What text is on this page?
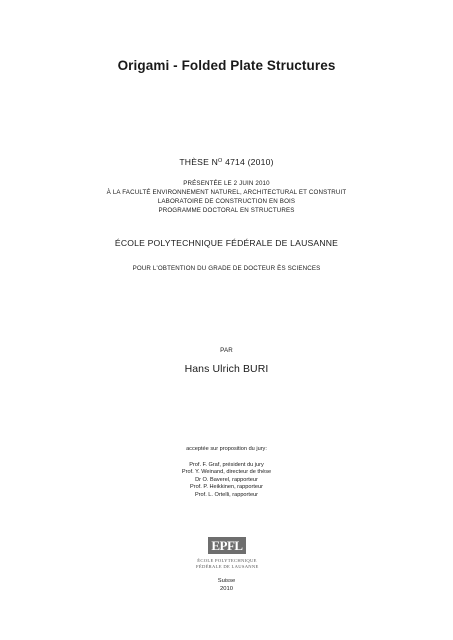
Origami - Folded Plate Structures
THÈSE $N^O$ 4714 (2010)
PRÉSENTÉE LE 2 JUIN 2010
À LA FACULTÉ ENVIRONNEMENT NATUREL, ARCHITECTURAL ET CONSTRUIT
LABORATOIRE DE CONSTRUCTION EN BOIS
PROGRAMME DOCTORAL EN STRUCTURES
ÉCOLE POLYTECHNIQUE FÉDÉRALE DE LAUSANNE
POUR L'OBTENTION DU GRADE DE DOCTEUR ÈS SCIENCES
PAR
Hans Ulrich BURI
acceptée sur proposition du jury:
Prof. F. Graf, président du jury
Prof. Y. Weinand, directeur de thèse
Dr O. Baverel, rapporteur
Prof. P. Heikkinen, rapporteur
Prof. L. Ortelli, rapporteur
EPFL
ÉCOLE POLYTECHNIQUE
FÉDÉRALE DE LAUSANNE
Suisse
2010
